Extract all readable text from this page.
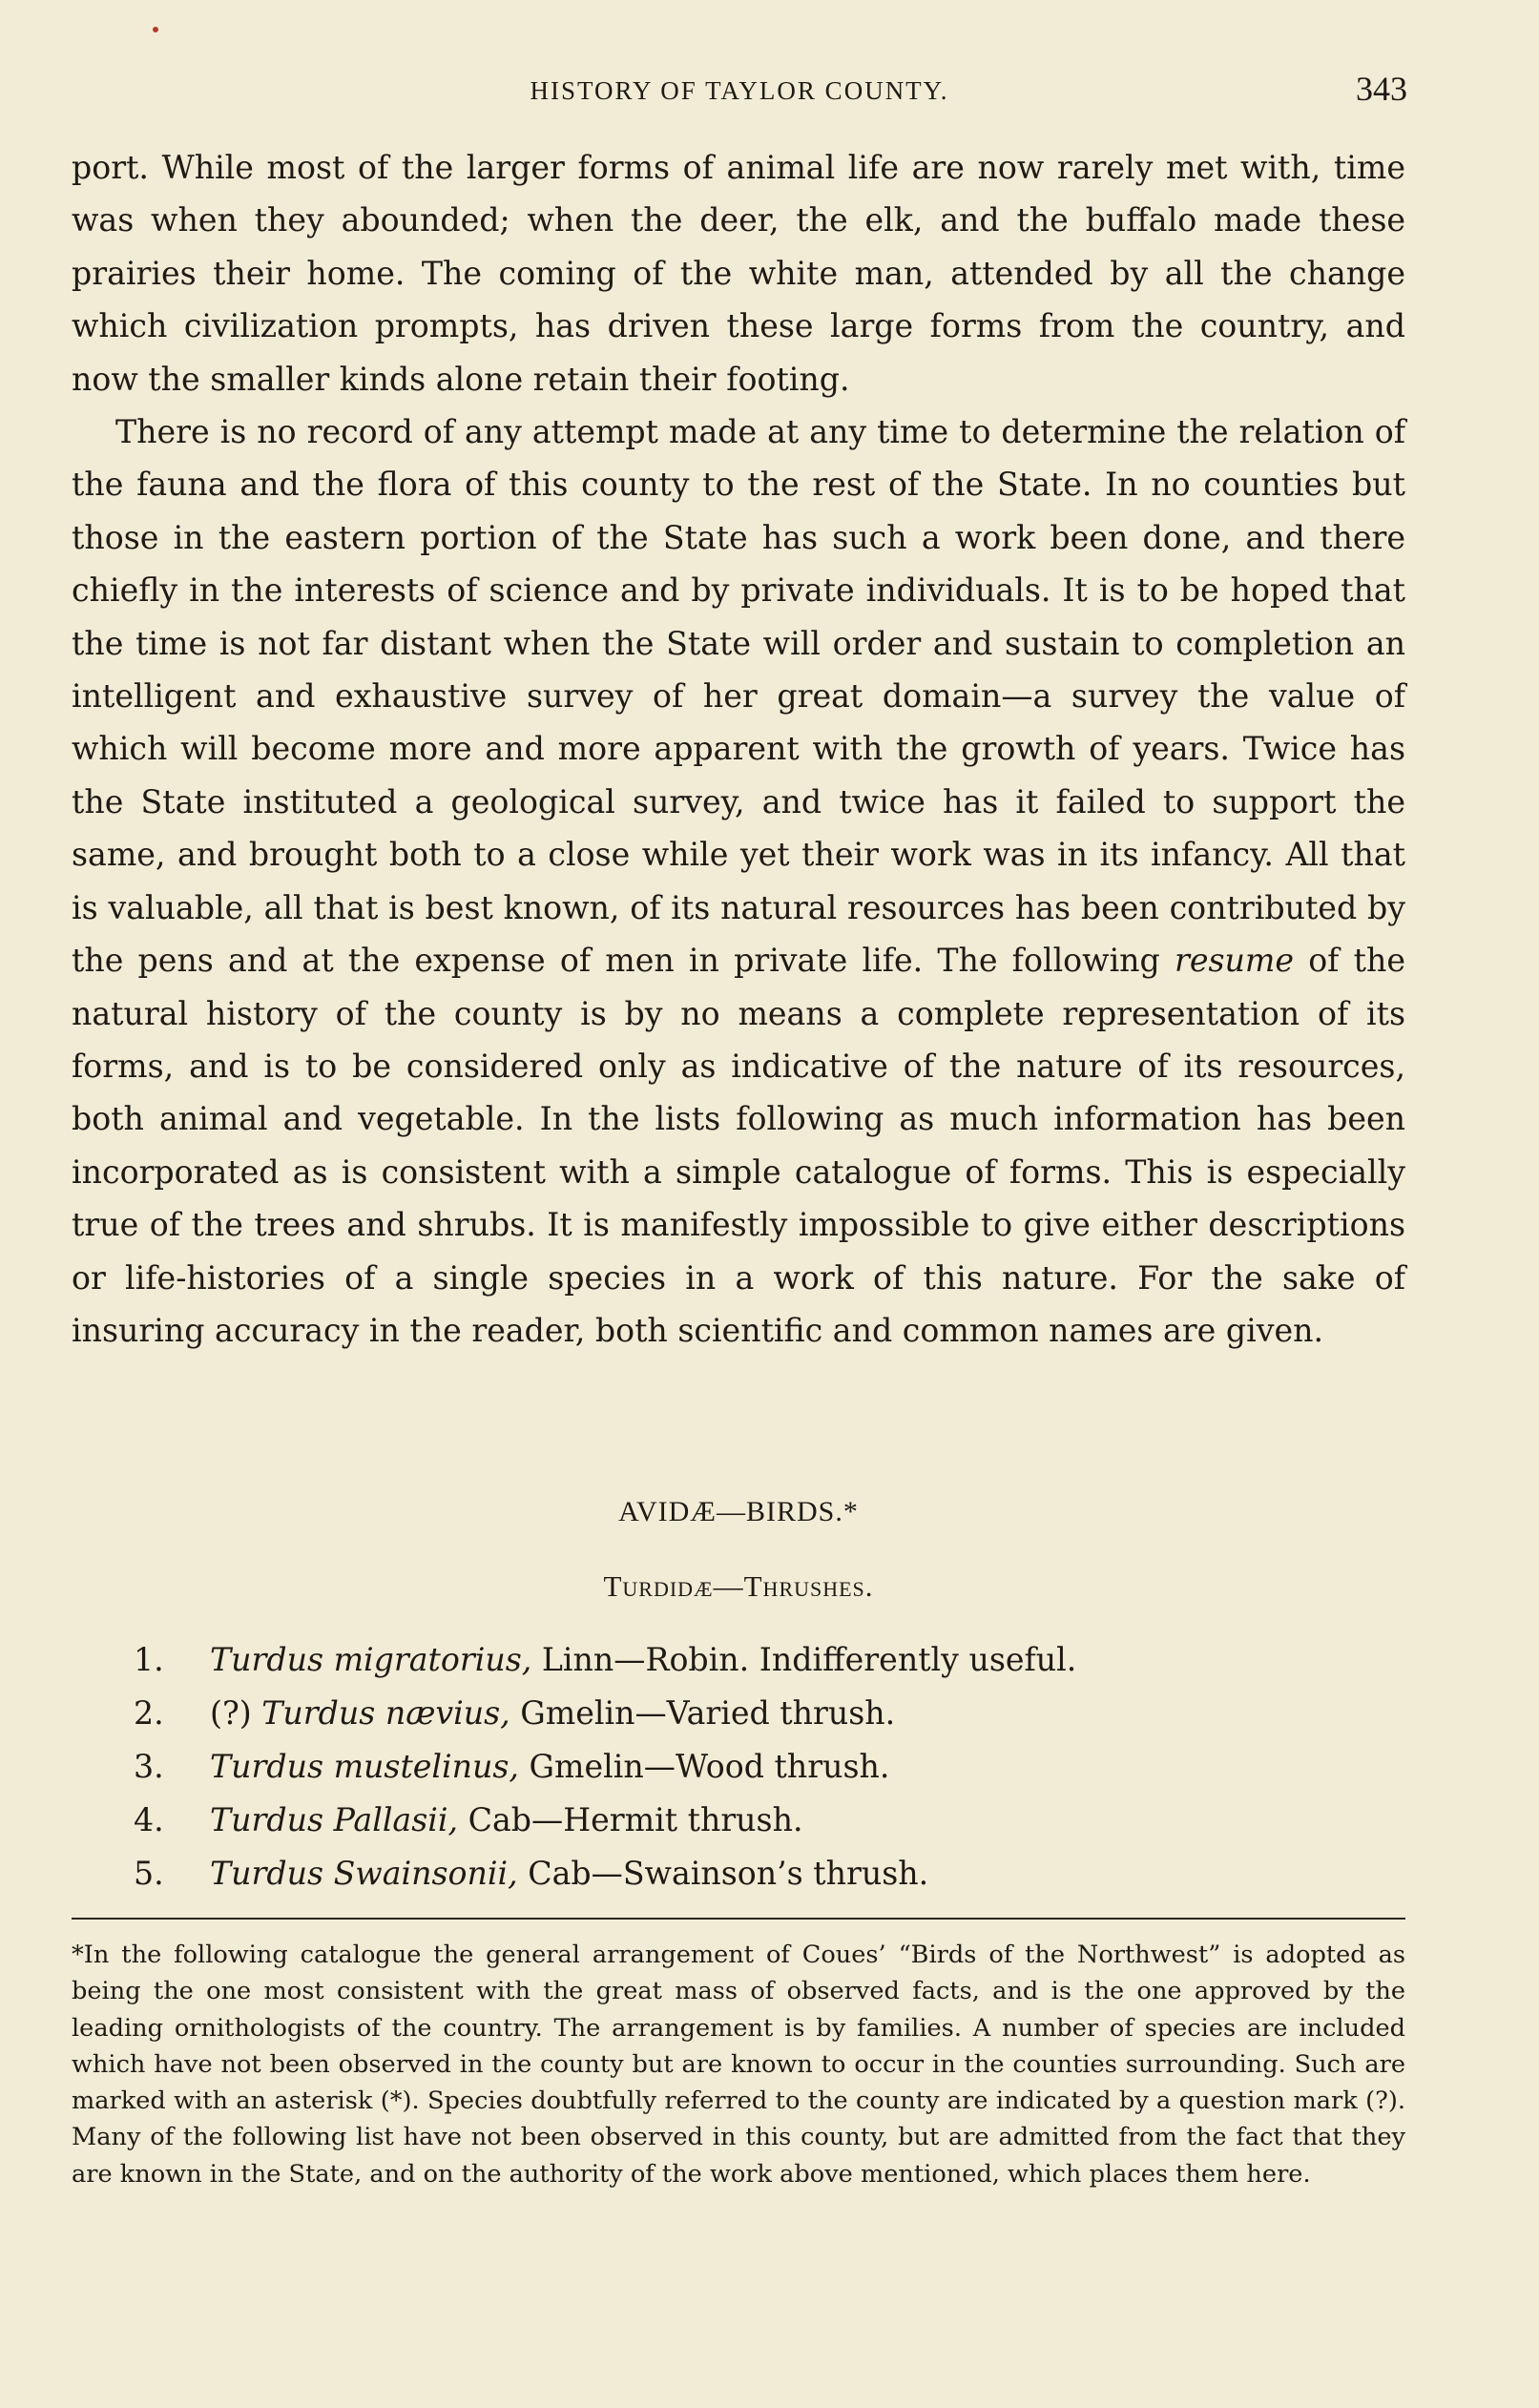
HISTORY OF TAYLOR COUNTY.	343

port. While most of the larger forms of animal life are now rarely met with, time was when they abounded; when the deer, the elk, and the buffalo made these prairies their home. The coming of the white man, attended by all the change which civilization prompts, has driven these large forms from the country, and now the smaller kinds alone retain their footing.

There is no record of any attempt made at any time to determine the relation of the fauna and the flora of this county to the rest of the State. In no counties but those in the eastern portion of the State has such a work been done, and there chiefly in the interests of science and by private individuals. It is to be hoped that the time is not far distant when the State will order and sustain to completion an intelligent and exhaustive survey of her great domain—a survey the value of which will become more and more apparent with the growth of years. Twice has the State instituted a geological survey, and twice has it failed to support the same, and brought both to a close while yet their work was in its infancy. All that is valuable, all that is best known, of its natural resources has been contributed by the pens and at the expense of men in private life. The following resume of the natural history of the county is by no means a complete representation of its forms, and is to be considered only as indicative of the nature of its resources, both animal and vegetable. In the lists following as much information has been incorporated as is consistent with a simple catalogue of forms. This is especially true of the trees and shrubs. It is manifestly impossible to give either descriptions or life-histories of a single species in a work of this nature. For the sake of insuring accuracy in the reader, both scientific and common names are given.

AVIDÆ—BIRDS.*
Turdidæ—Thrushes.
1. Turdus migratorius, Linn—Robin. Indifferently useful.
2. (?) Turdus nævius, Gmelin—Varied thrush.
3. Turdus mustelinus, Gmelin—Wood thrush.
4. Turdus Pallasii, Cab—Hermit thrush.
5. Turdus Swainsonii, Cab—Swainson’s thrush.

*In the following catalogue the general arrangement of Coues’ “Birds of the Northwest” is adopted as being the one most consistent with the great mass of observed facts, and is the one approved by the leading ornithologists of the country. The arrangement is by families. A number of species are included which have not been observed in the county but are known to occur in the counties surrounding. Such are marked with an asterisk (*). Species doubtfully referred to the county are indicated by a question mark (?). Many of the following list have not been observed in this county, but are admitted from the fact that they are known in the State, and on the authority of the work above mentioned, which places them here.
